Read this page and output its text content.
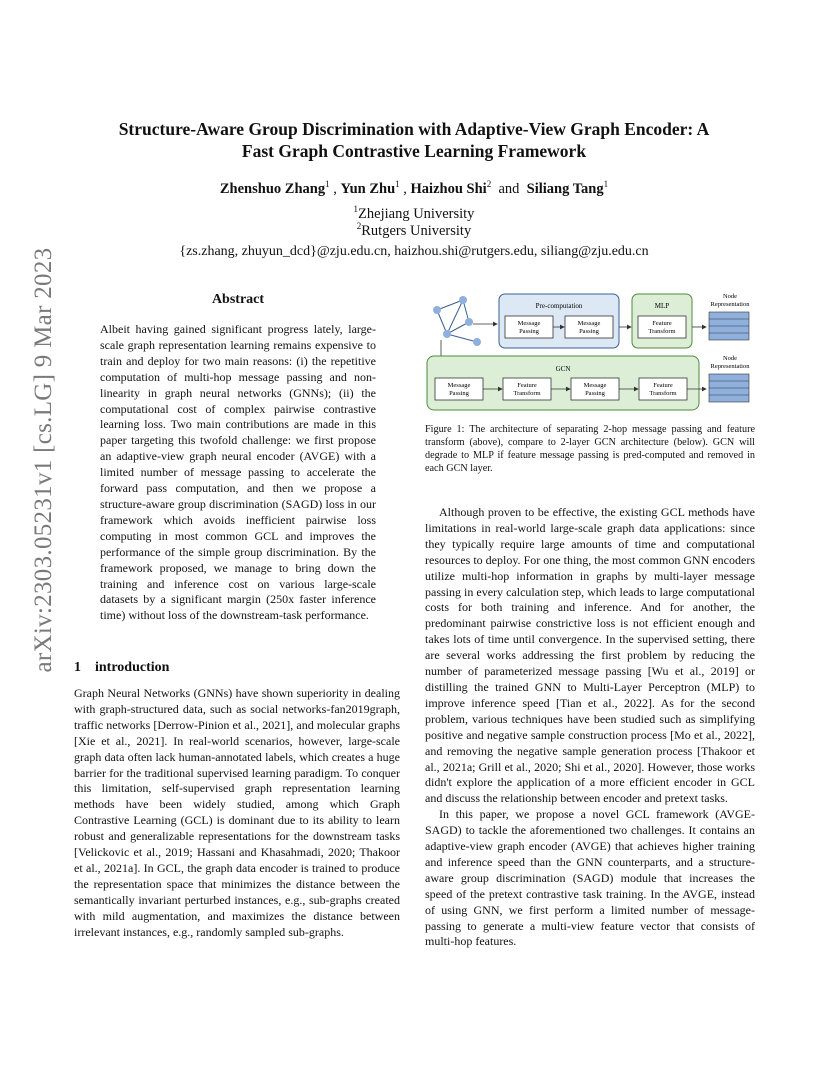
arXiv:2303.05231v1 [cs.LG] 9 Mar 2023
Structure-Aware Group Discrimination with Adaptive-View Graph Encoder: A
Fast Graph Contrastive Learning Framework
Zhenshuo Zhang$^1$ , Yun Zhu$^1$ , Haizhou Shi$^2$ and Siliang Tang$^1$
$^1$Zhejiang University
$^2$Rutgers University
{zs.zhang, zhuyun_dcd}@zju.edu.cn, haizhou.shi@rutgers.edu, siliang@zju.edu.cn
Abstract

Albeit having gained significant progress lately, large-scale graph representation learning remains expensive to train and deploy for two main reasons: (i) the repetitive computation of multi-hop message passing and non-linearity in graph neural networks (GNNs); (ii) the computational cost of complex pairwise contrastive learning loss. Two main contributions are made in this paper targeting this twofold challenge: we first propose an adaptive-view graph neural encoder (AVGE) with a limited number of message passing to accelerate the forward pass computation, and then we propose a structure-aware group discrimination (SAGD) loss in our framework which avoids inefficient pairwise loss computing in most common GCL and improves the performance of the simple group discrimination. By the framework proposed, we manage to bring down the training and inference cost on various large-scale datasets by a significant margin (250x faster inference time) without loss of the downstream-task performance.

1 introduction

Graph Neural Networks (GNNs) have shown superiority in dealing with graph-structured data, such as social networks-fan2019graph, traffic networks [Derrow-Pinion et al., 2021], and molecular graphs [Xie et al., 2021]. In real-world scenarios, however, large-scale graph data often lack human-annotated labels, which creates a huge barrier for the traditional supervised learning paradigm. To conquer this limitation, self-supervised graph representation learning methods have been widely studied, among which Graph Contrastive Learning (GCL) is dominant due to its ability to learn robust and generalizable representations for the downstream tasks [Velickovic et al., 2019; Hassani and Khasahmadi, 2020; Thakoor et al., 2021a]. In GCL, the graph data encoder is trained to produce the representation space that minimizes the distance between the semantically invariant perturbed instances, e.g., sub-graphs created with mild augmentation, and maximizes the distance between irrelevant instances, e.g., randomly sampled sub-graphs.

Pre-computation
Message Passing
Message Passing
MLP
Feature Transform
Node Representation
GCN
Message Passing
Feature Transform
Message Passing
Feature Transform
Node Representation
Figure 1: The architecture of separating 2-hop message passing and feature transform (above), compare to 2-layer GCN architecture (below). GCN will degrade to MLP if feature message passing is pred-computed and removed in each GCN layer.

Although proven to be effective, the existing GCL methods have limitations in real-world large-scale graph data applications: since they typically require large amounts of time and computational resources to deploy. For one thing, the most common GNN encoders utilize multi-hop information in graphs by multi-layer message passing in every calculation step, which leads to large computational costs for both training and inference. And for another, the predominant pairwise constrictive loss is not efficient enough and takes lots of time until convergence. In the supervised setting, there are several works addressing the first problem by reducing the number of parameterized message passing [Wu et al., 2019] or distilling the trained GNN to Multi-Layer Perceptron (MLP) to improve inference speed [Tian et al., 2022]. As for the second problem, various techniques have been studied such as simplifying positive and negative sample construction process [Mo et al., 2022], and removing the negative sample generation process [Thakoor et al., 2021a; Grill et al., 2020; Shi et al., 2020]. However, those works didn't explore the application of a more efficient encoder in GCL and discuss the relationship between encoder and pretext tasks.

In this paper, we propose a novel GCL framework (AVGE-SAGD) to tackle the aforementioned two challenges. It contains an adaptive-view graph encoder (AVGE) that achieves higher training and inference speed than the GNN counterparts, and a structure-aware group discrimination (SAGD) module that increases the speed of the pretext contrastive task training. In the AVGE, instead of using GNN, we first perform a limited number of message-passing to generate a multi-view feature vector that consists of multi-hop features.
